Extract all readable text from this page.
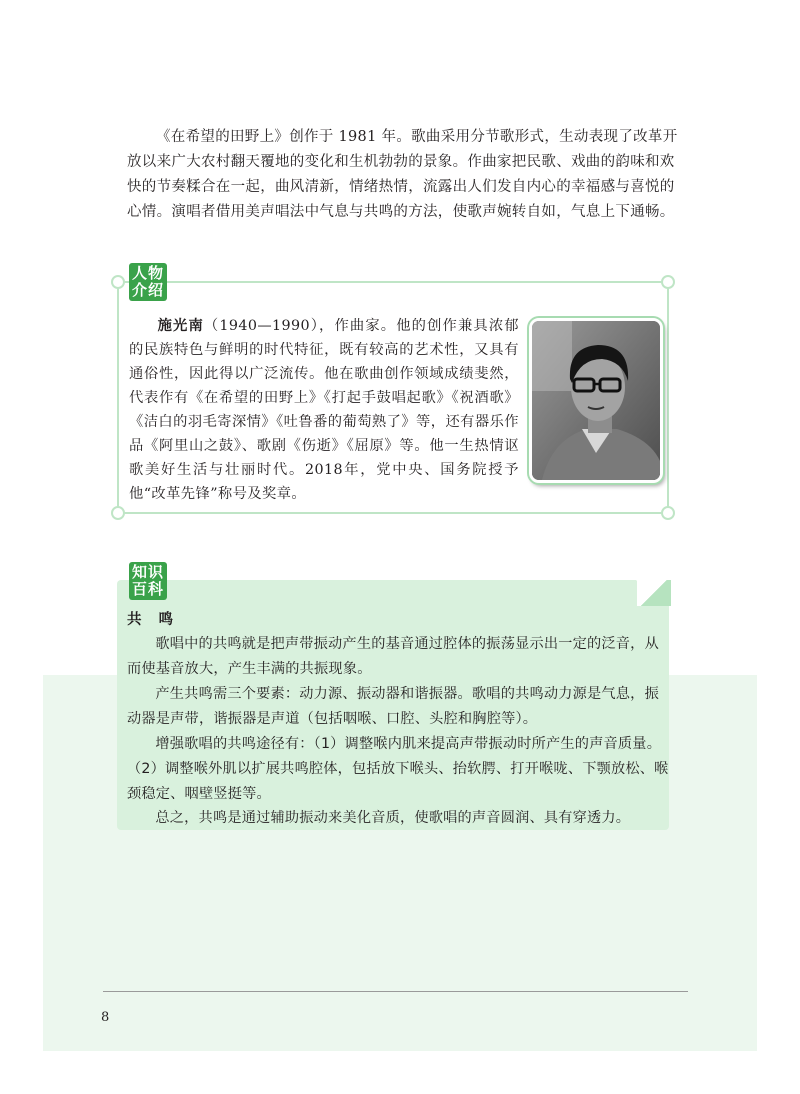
《在希望的田野上》创作于 1981 年。歌曲采用分节歌形式，生动表现了改革开放以来广大农村翻天覆地的变化和生机勃勃的景象。作曲家把民歌、戏曲的韵味和欢快的节奏糅合在一起，曲风清新，情绪热情，流露出人们发自内心的幸福感与喜悦的心情。演唱者借用美声唱法中气息与共鸣的方法，使歌声婉转自如，气息上下通畅。

人物
介绍

施光南（1940—1990），作曲家。他的创作兼具浓郁的民族特色与鲜明的时代特征，既有较高的艺术性，又具有通俗性，因此得以广泛流传。他在歌曲创作领域成绩斐然，代表作有《在希望的田野上》《打起手鼓唱起歌》《祝酒歌》《洁白的羽毛寄深情》《吐鲁番的葡萄熟了》等，还有器乐作品《阿里山之鼓》、歌剧《伤逝》《屈原》等。他一生热情讴歌美好生活与壮丽时代。2018年，党中央、国务院授予他“改革先锋”称号及奖章。

知识
百科

共 鸣

歌唱中的共鸣就是把声带振动产生的基音通过腔体的振荡显示出一定的泛音，从而使基音放大，产生丰满的共振现象。

产生共鸣需三个要素：动力源、振动器和谐振器。歌唱的共鸣动力源是气息，振动器是声带，谐振器是声道（包括咽喉、口腔、头腔和胸腔等）。

增强歌唱的共鸣途径有：（1）调整喉内肌来提高声带振动时所产生的声音质量。（2）调整喉外肌以扩展共鸣腔体，包括放下喉头、抬软腭、打开喉咙、下颚放松、喉颈稳定、咽壁竖挺等。

总之，共鸣是通过辅助振动来美化音质，使歌唱的声音圆润、具有穿透力。

8
